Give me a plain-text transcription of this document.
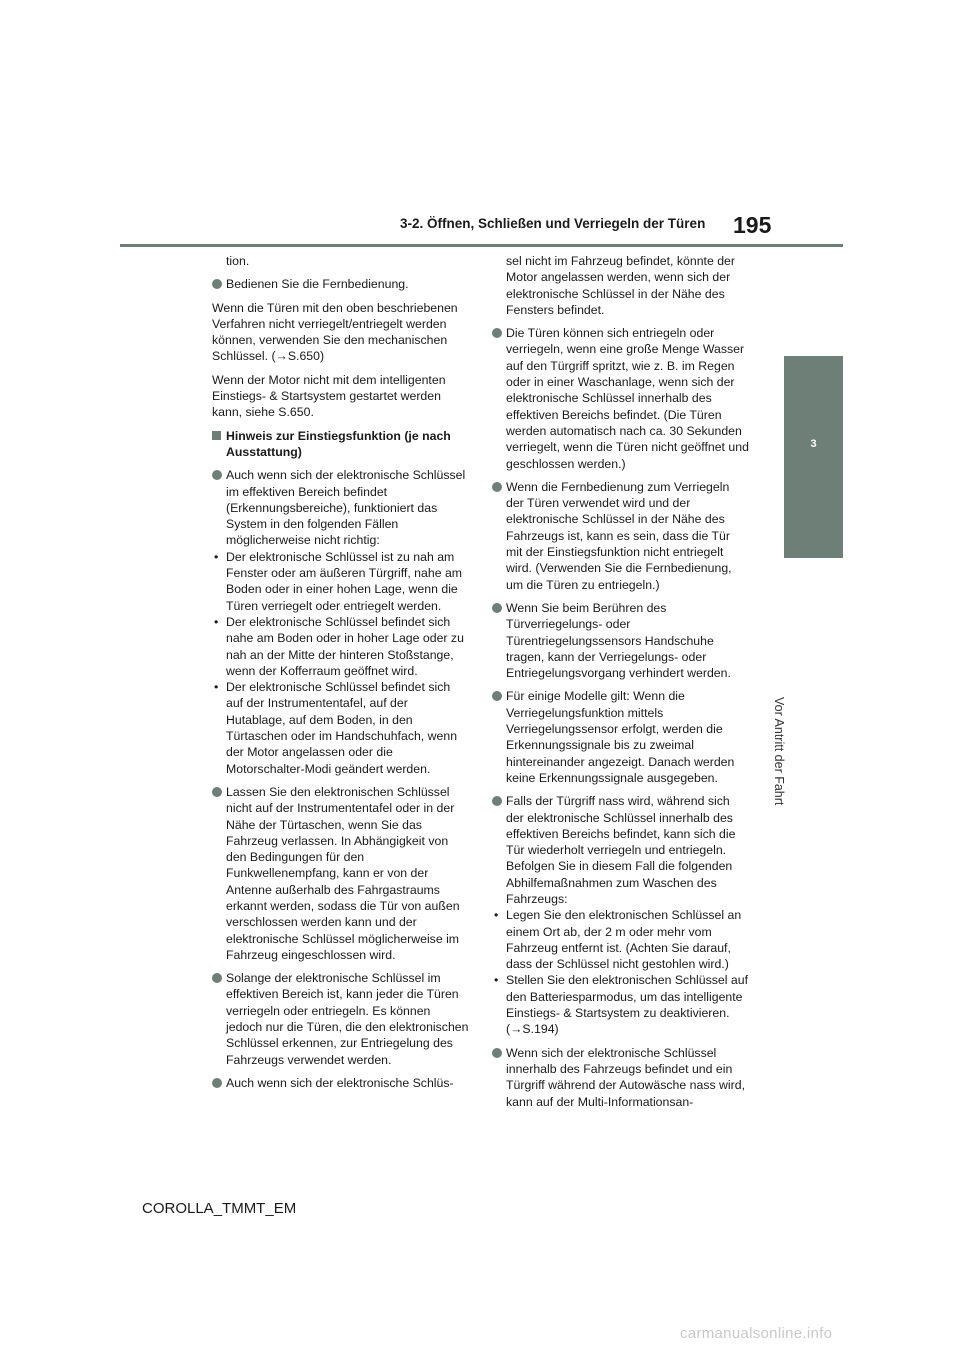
3-2. Öffnen, Schließen und Verriegeln der Türen 195
3
Vor Antritt der Fahrt
tion.
Bedienen Sie die Fernbedienung.
Wenn die Türen mit den oben beschriebenen Verfahren nicht verriegelt/entriegelt werden können, verwenden Sie den mechanischen Schlüssel. (→S.650)
Wenn der Motor nicht mit dem intelligenten Einstiegs- & Startsystem gestartet werden kann, siehe S.650.
Hinweis zur Einstiegsfunktion (je nach Ausstattung)
Auch wenn sich der elektronische Schlüssel im effektiven Bereich befindet (Erkennungsbereiche), funktioniert das System in den folgenden Fällen möglicherweise nicht richtig:
• Der elektronische Schlüssel ist zu nah am Fenster oder am äußeren Türgriff, nahe am Boden oder in einer hohen Lage, wenn die Türen verriegelt oder entriegelt werden.
• Der elektronische Schlüssel befindet sich nahe am Boden oder in hoher Lage oder zu nah an der Mitte der hinteren Stoßstange, wenn der Kofferraum geöffnet wird.
• Der elektronische Schlüssel befindet sich auf der Instrumententafel, auf der Hutablage, auf dem Boden, in den Türtaschen oder im Handschuhfach, wenn der Motor angelassen oder die Motorschalter-Modi geändert werden.
Lassen Sie den elektronischen Schlüssel nicht auf der Instrumententafel oder in der Nähe der Türtaschen, wenn Sie das Fahrzeug verlassen. In Abhängigkeit von den Bedingungen für den Funkwellenempfang, kann er von der Antenne außerhalb des Fahrgastraums erkannt werden, sodass die Tür von außen verschlossen werden kann und der elektronische Schlüssel möglicherweise im Fahrzeug eingeschlossen wird.
Solange der elektronische Schlüssel im effektiven Bereich ist, kann jeder die Türen verriegeln oder entriegeln. Es können jedoch nur die Türen, die den elektronischen Schlüssel erkennen, zur Entriegelung des Fahrzeugs verwendet werden.
Auch wenn sich der elektronische Schlüs-
sel nicht im Fahrzeug befindet, könnte der Motor angelassen werden, wenn sich der elektronische Schlüssel in der Nähe des Fensters befindet.
Die Türen können sich entriegeln oder verriegeln, wenn eine große Menge Wasser auf den Türgriff spritzt, wie z. B. im Regen oder in einer Waschanlage, wenn sich der elektronische Schlüssel innerhalb des effektiven Bereichs befindet. (Die Türen werden automatisch nach ca. 30 Sekunden verriegelt, wenn die Türen nicht geöffnet und geschlossen werden.)
Wenn die Fernbedienung zum Verriegeln der Türen verwendet wird und der elektronische Schlüssel in der Nähe des Fahrzeugs ist, kann es sein, dass die Tür mit der Einstiegsfunktion nicht entriegelt wird. (Verwenden Sie die Fernbedienung, um die Türen zu entriegeln.)
Wenn Sie beim Berühren des Türverriegelungs- oder Türentriegelungssensors Handschuhe tragen, kann der Verriegelungs- oder Entriegelungsvorgang verhindert werden.
Für einige Modelle gilt: Wenn die Verriegelungsfunktion mittels Verriegelungssensor erfolgt, werden die Erkennungssignale bis zu zweimal hintereinander angezeigt. Danach werden keine Erkennungssignale ausgegeben.
Falls der Türgriff nass wird, während sich der elektronische Schlüssel innerhalb des effektiven Bereichs befindet, kann sich die Tür wiederholt verriegeln und entriegeln. Befolgen Sie in diesem Fall die folgenden Abhilfemaßnahmen zum Waschen des Fahrzeugs:
• Legen Sie den elektronischen Schlüssel an einem Ort ab, der 2 m oder mehr vom Fahrzeug entfernt ist. (Achten Sie darauf, dass der Schlüssel nicht gestohlen wird.)
• Stellen Sie den elektronischen Schlüssel auf den Batteriesparmodus, um das intelligente Einstiegs- & Startsystem zu deaktivieren. (→S.194)
Wenn sich der elektronische Schlüssel innerhalb des Fahrzeugs befindet und ein Türgriff während der Autowäsche nass wird, kann auf der Multi-Informationsan-
COROLLA_TMMT_EM
carmanualsonline.info
